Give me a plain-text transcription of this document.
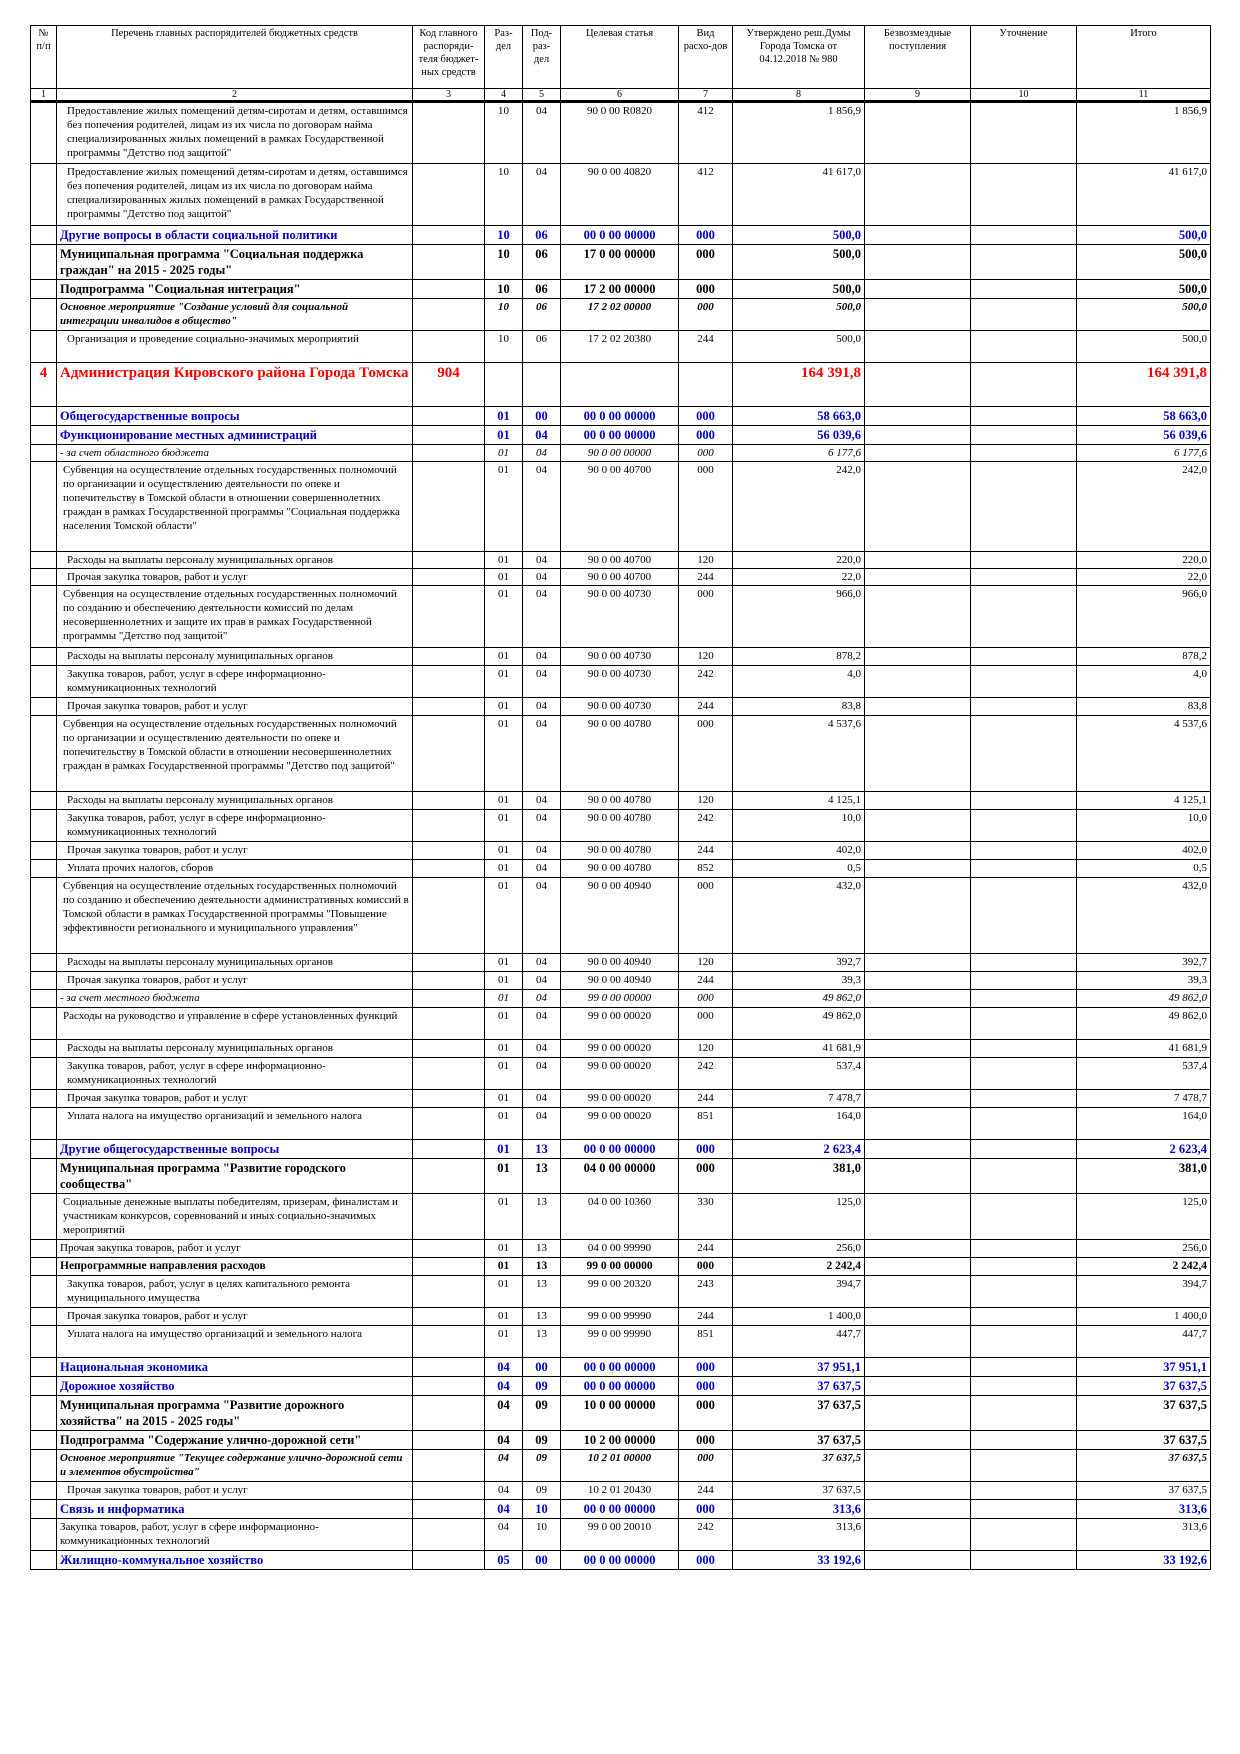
№ п/п	Перечень главных распорядителей бюджетных средств	Код главного распоряди-теля бюджет-ных средств	Раз-дел	Под-раз-дел	Целевая статья	Вид расхо-дов	Утверждено реш.Думы Города Томска от 04.12.2018 № 980	Безвозмездные поступления	Уточнение	Итого
1	2	3	4	5	6	7	8	9	10	11
	Предоставление жилых помещений детям-сиротам и детям, оставшимся без попечения родителей, лицам из их числа по договорам найма специализированных жилых помещений в рамках Государственной программы "Детство под защитой"		10	04	90 0 00 R0820	412	1 856,9			1 856,9
	Предоставление жилых помещений детям-сиротам и детям, оставшимся без попечения родителей, лицам из их числа по договорам найма специализированных жилых помещений в рамках Государственной программы "Детство под защитой"		10	04	90 0 00 40820	412	41 617,0			41 617,0
	Другие вопросы в области социальной политики		10	06	00 0 00 00000	000	500,0			500,0
	Муниципальная программа "Социальная поддержка граждан" на 2015 - 2025 годы"		10	06	17 0 00 00000	000	500,0			500,0
	Подпрограмма "Социальная интеграция"		10	06	17 2 00 00000	000	500,0			500,0
	Основное мероприятие "Создание условий для социальной интеграции инвалидов в общество"		10	06	17 2 02 00000	000	500,0			500,0
	Организация и проведение социально-значимых мероприятий		10	06	17 2 02 20380	244	500,0			500,0
4	Администрация Кировского района Города Томска	904					164 391,8			164 391,8
	Общегосударственные вопросы		01	00	00 0 00 00000	000	58 663,0			58 663,0
	Функционирование местных администраций		01	04	00 0 00 00000	000	56 039,6			56 039,6
	- за счет областного бюджета		01	04	90 0 00 00000	000	6 177,6			6 177,6
	Субвенция на осуществление отдельных государственных полномочий по организации и осуществлению деятельности по опеке и попечительству в Томской области в отношении совершеннолетних граждан в рамках Государственной программы "Социальная поддержка населения Томской области"		01	04	90 0 00 40700	000	242,0			242,0
	Расходы на выплаты персоналу муниципальных органов		01	04	90 0 00 40700	120	220,0			220,0
	Прочая закупка товаров, работ и услуг		01	04	90 0 00 40700	244	22,0			22,0
	Субвенция на осуществление отдельных государственных полномочий по созданию и обеспечению деятельности комиссий по делам несовершеннолетних и защите их прав в рамках Государственной программы "Детство под защитой"		01	04	90 0 00 40730	000	966,0			966,0
	Расходы на выплаты персоналу муниципальных органов		01	04	90 0 00 40730	120	878,2			878,2
	Закупка товаров, работ, услуг в сфере информационно-коммуникационных технологий		01	04	90 0 00 40730	242	4,0			4,0
	Прочая закупка товаров, работ и услуг		01	04	90 0 00 40730	244	83,8			83,8
	Субвенция на осуществление отдельных государственных полномочий по организации и осуществлению деятельности по опеке и попечительству в Томской области в отношении несовершеннолетних граждан в рамках Государственной программы "Детство под защитой"		01	04	90 0 00 40780	000	4 537,6			4 537,6
	Расходы на выплаты персоналу муниципальных органов		01	04	90 0 00 40780	120	4 125,1			4 125,1
	Закупка товаров, работ, услуг в сфере информационно-коммуникационных технологий		01	04	90 0 00 40780	242	10,0			10,0
	Прочая закупка товаров, работ и услуг		01	04	90 0 00 40780	244	402,0			402,0
	Уплата прочих налогов, сборов		01	04	90 0 00 40780	852	0,5			0,5
	Субвенция на осуществление отдельных государственных полномочий по созданию и обеспечению деятельности административных комиссий в Томской области в рамках Государственной программы "Повышение эффективности регионального и муниципального управления"		01	04	90 0 00 40940	000	432,0			432,0
	Расходы на выплаты персоналу муниципальных органов		01	04	90 0 00 40940	120	392,7			392,7
	Прочая закупка товаров, работ и услуг		01	04	90 0 00 40940	244	39,3			39,3
	- за счет местного бюджета		01	04	99 0 00 00000	000	49 862,0			49 862,0
	Расходы на руководство и управление в сфере установленных функций		01	04	99 0 00 00020	000	49 862,0			49 862,0
	Расходы на выплаты персоналу муниципальных органов		01	04	99 0 00 00020	120	41 681,9			41 681,9
	Закупка товаров, работ, услуг в сфере информационно-коммуникационных технологий		01	04	99 0 00 00020	242	537,4			537,4
	Прочая закупка товаров, работ и услуг		01	04	99 0 00 00020	244	7 478,7			7 478,7
	Уплата налога на имущество организаций и земельного налога		01	04	99 0 00 00020	851	164,0			164,0
	Другие общегосударственные вопросы		01	13	00 0 00 00000	000	2 623,4			2 623,4
	Муниципальная программа "Развитие городского сообщества"		01	13	04 0 00 00000	000	381,0			381,0
	Социальные денежные выплаты победителям, призерам, финалистам и участникам конкурсов, соревнований и иных социально-значимых мероприятий		01	13	04 0 00 10360	330	125,0			125,0
	Прочая закупка товаров, работ и услуг		01	13	04 0 00 99990	244	256,0			256,0
	Непрограммные направления расходов		01	13	99 0 00 00000	000	2 242,4			2 242,4
	Закупка товаров, работ, услуг в целях капитального ремонта муниципального имущества		01	13	99 0 00 20320	243	394,7			394,7
	Прочая закупка товаров, работ и услуг		01	13	99 0 00 99990	244	1 400,0			1 400,0
	Уплата налога на имущество организаций и земельного налога		01	13	99 0 00 99990	851	447,7			447,7
	Национальная экономика		04	00	00 0 00 00000	000	37 951,1			37 951,1
	Дорожное хозяйство		04	09	00 0 00 00000	000	37 637,5			37 637,5
	Муниципальная программа "Развитие дорожного хозяйства" на 2015 - 2025 годы"		04	09	10 0 00 00000	000	37 637,5			37 637,5
	Подпрограмма "Содержание улично-дорожной сети"		04	09	10 2 00 00000	000	37 637,5			37 637,5
	Основное мероприятие "Текущее содержание улично-дорожной сети и элементов обустройства"		04	09	10 2 01 00000	000	37 637,5			37 637,5
	Прочая закупка товаров, работ и услуг		04	09	10 2 01 20430	244	37 637,5			37 637,5
	Связь и информатика		04	10	00 0 00 00000	000	313,6			313,6
	Закупка товаров, работ, услуг в сфере информационно-коммуникационных технологий		04	10	99 0 00 20010	242	313,6			313,6
	Жилищно-коммунальное хозяйство		05	00	00 0 00 00000	000	33 192,6			33 192,6
